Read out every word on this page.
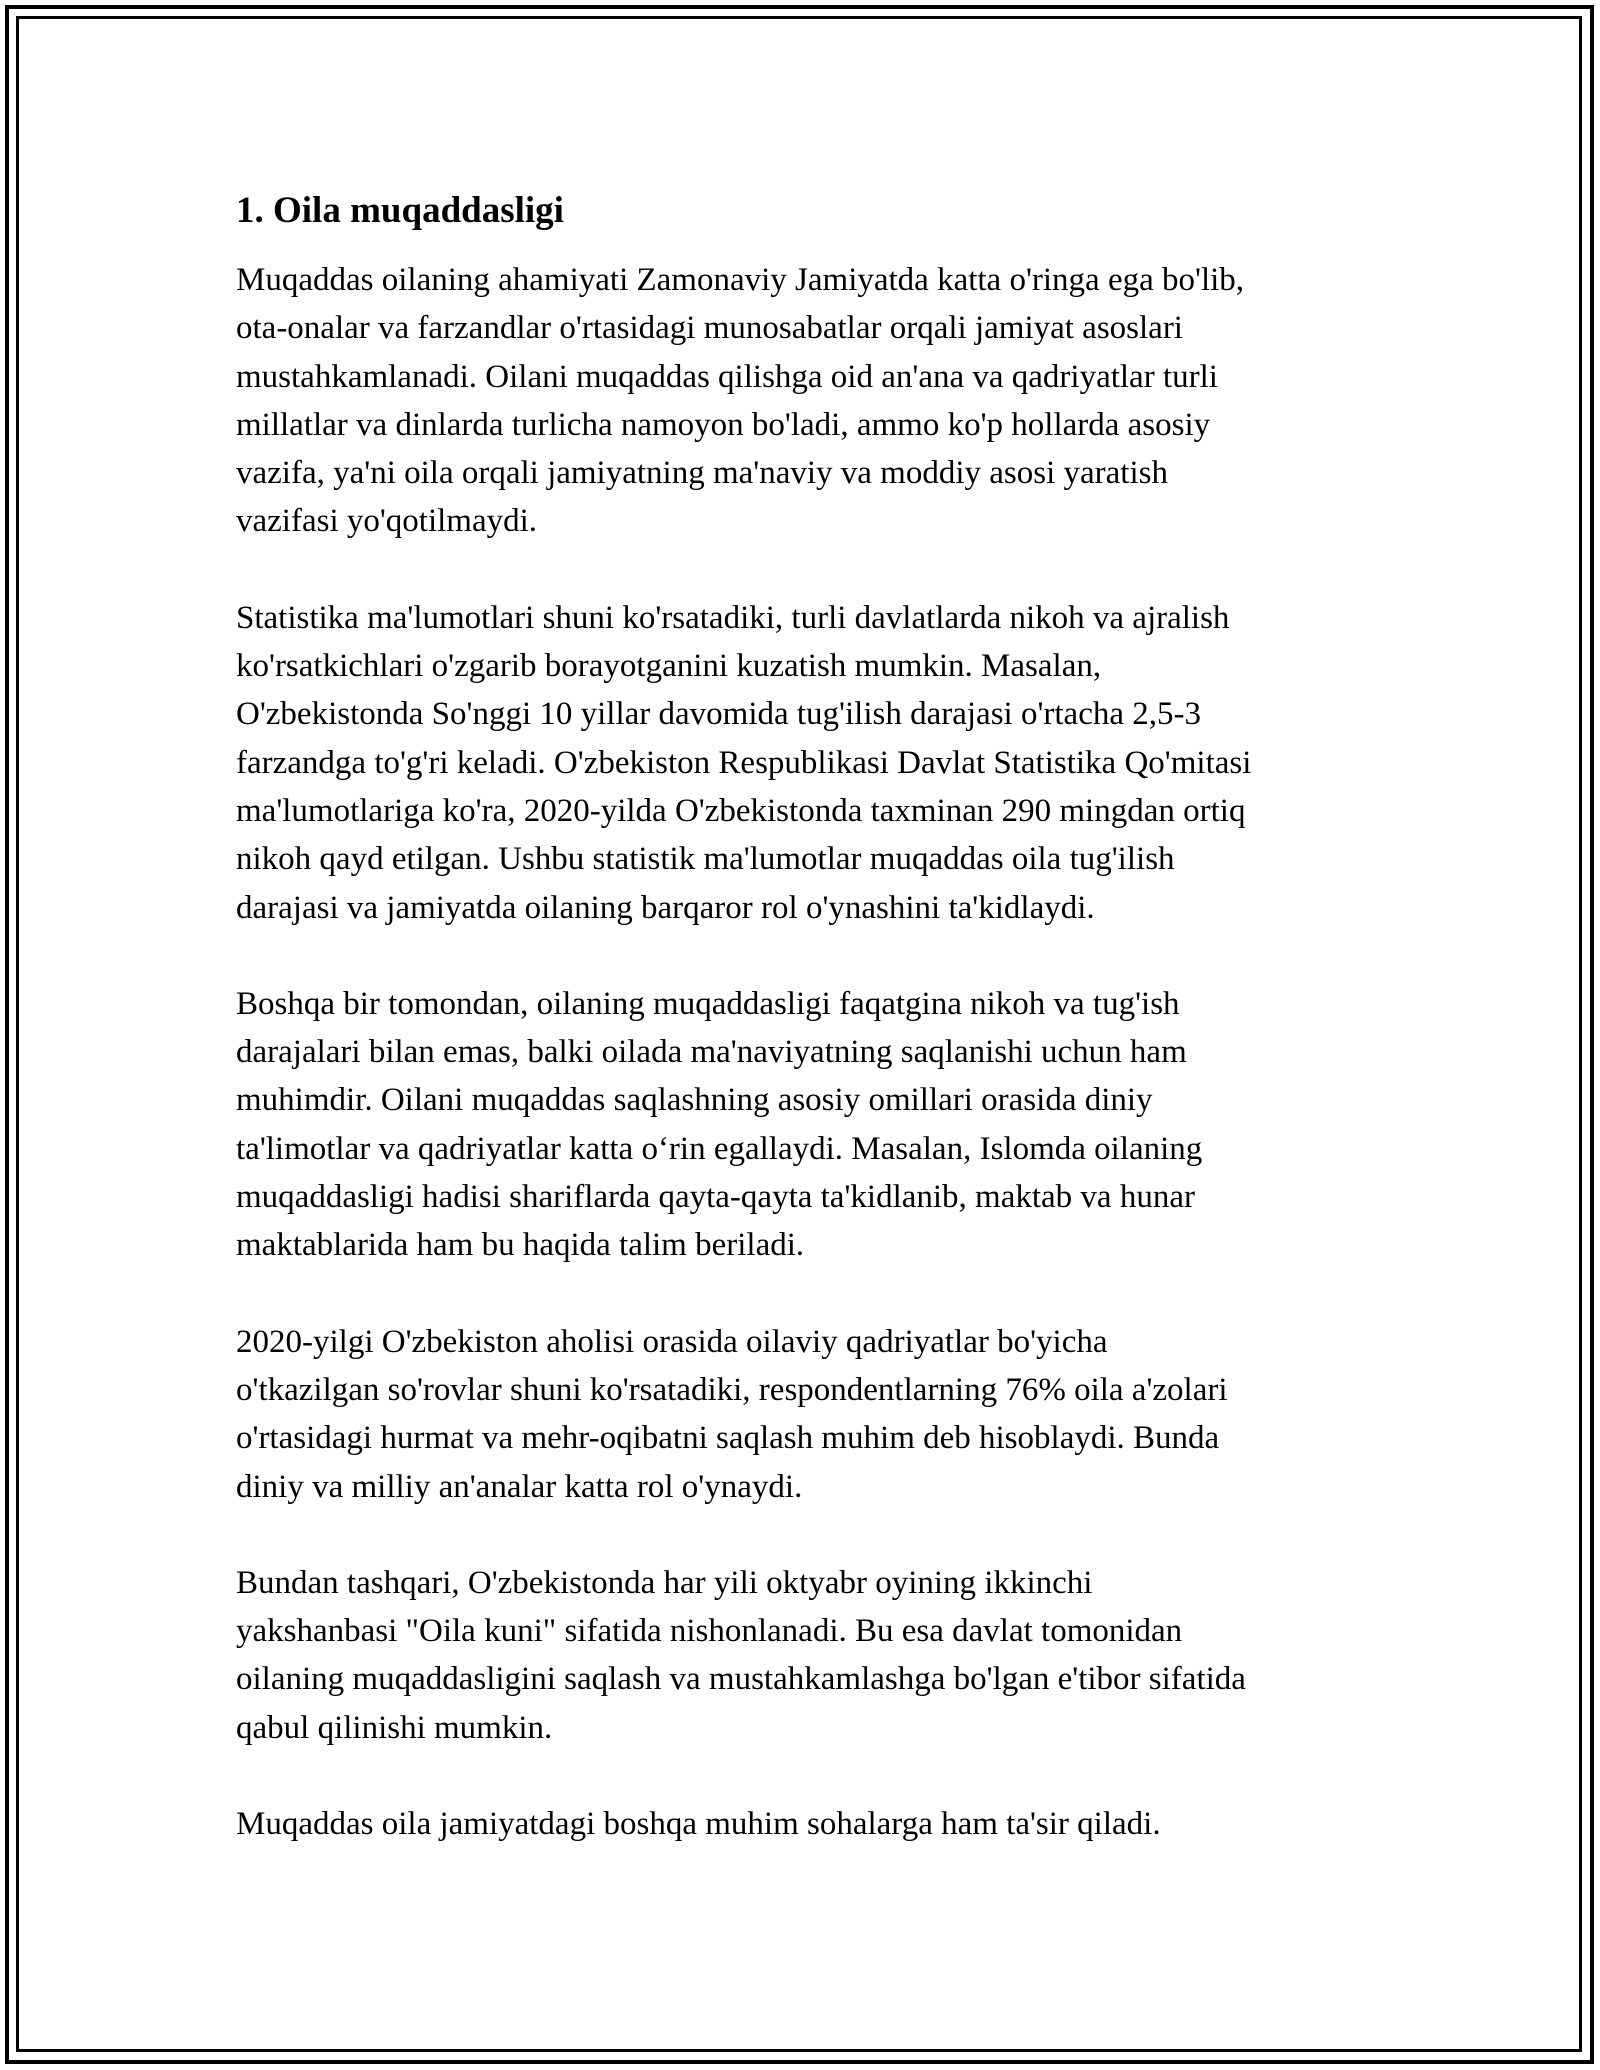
1. Oila muqaddasligi

Muqaddas oilaning ahamiyati Zamonaviy Jamiyatda katta o'ringa ega bo'lib,
ota-onalar va farzandlar o'rtasidagi munosabatlar orqali jamiyat asoslari
mustahkamlanadi. Oilani muqaddas qilishga oid an'ana va qadriyatlar turli
millatlar va dinlarda turlicha namoyon bo'ladi, ammo ko'p hollarda asosiy
vazifa, ya'ni oila orqali jamiyatning ma'naviy va moddiy asosi yaratish
vazifasi yo'qotilmaydi.

Statistika ma'lumotlari shuni ko'rsatadiki, turli davlatlarda nikoh va ajralish
ko'rsatkichlari o'zgarib borayotganini kuzatish mumkin. Masalan,
O'zbekistonda So'nggi 10 yillar davomida tug'ilish darajasi o'rtacha 2,5-3
farzandga to'g'ri keladi. O'zbekiston Respublikasi Davlat Statistika Qo'mitasi
ma'lumotlariga ko'ra, 2020-yilda O'zbekistonda taxminan 290 mingdan ortiq
nikoh qayd etilgan. Ushbu statistik ma'lumotlar muqaddas oila tug'ilish
darajasi va jamiyatda oilaning barqaror rol o'ynashini ta'kidlaydi.

Boshqa bir tomondan, oilaning muqaddasligi faqatgina nikoh va tug'ish
darajalari bilan emas, balki oilada ma'naviyatning saqlanishi uchun ham
muhimdir. Oilani muqaddas saqlashning asosiy omillari orasida diniy
ta'limotlar va qadriyatlar katta o‘rin egallaydi. Masalan, Islomda oilaning
muqaddasligi hadisi shariflarda qayta-qayta ta'kidlanib, maktab va hunar
maktablarida ham bu haqida talim beriladi.

2020-yilgi O'zbekiston aholisi orasida oilaviy qadriyatlar bo'yicha
o'tkazilgan so'rovlar shuni ko'rsatadiki, respondentlarning 76% oila a'zolari
o'rtasidagi hurmat va mehr-oqibatni saqlash muhim deb hisoblaydi. Bunda
diniy va milliy an'analar katta rol o'ynaydi.

Bundan tashqari, O'zbekistonda har yili oktyabr oyining ikkinchi
yakshanbasi "Oila kuni" sifatida nishonlanadi. Bu esa davlat tomonidan
oilaning muqaddasligini saqlash va mustahkamlashga bo'lgan e'tibor sifatida
qabul qilinishi mumkin.

Muqaddas oila jamiyatdagi boshqa muhim sohalarga ham ta'sir qiladi.
